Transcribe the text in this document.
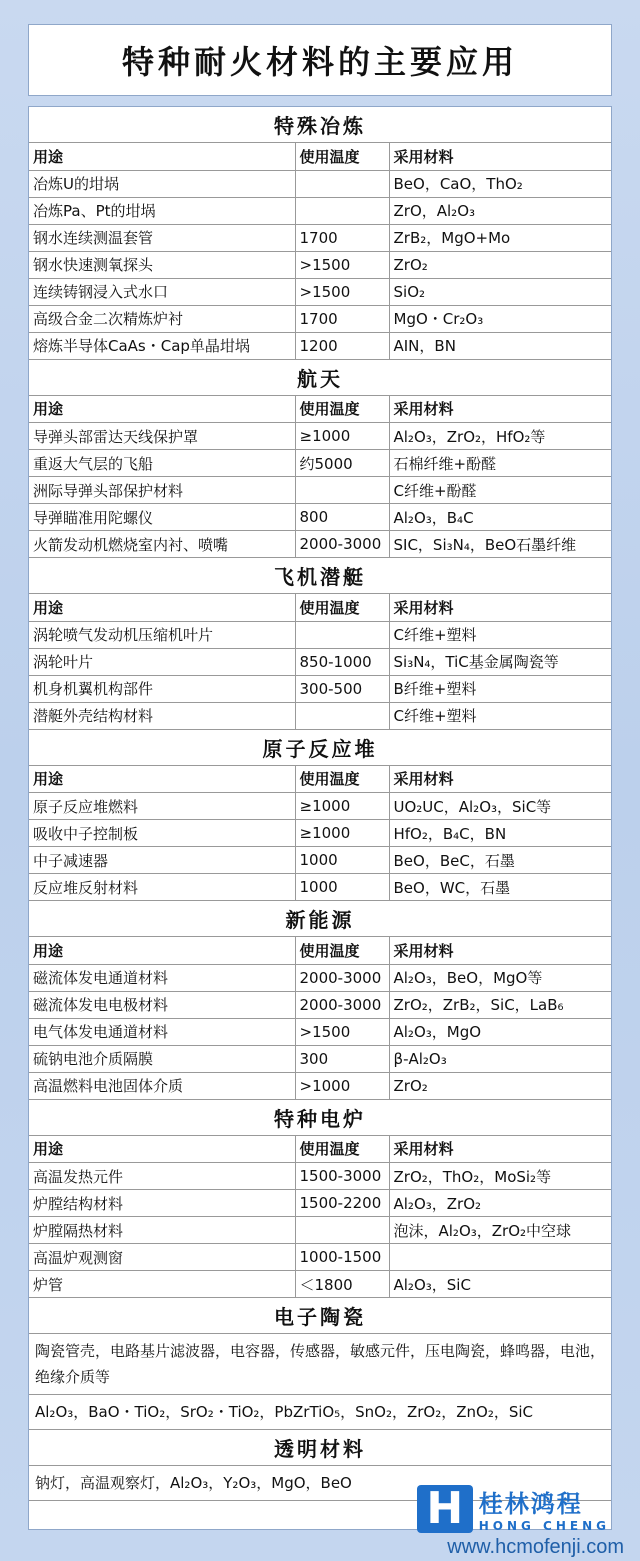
特种耐火材料的主要应用
特殊冶炼
用途	使用温度	采用材料
冶炼U的坩埚		BeO，CaO，ThO₂
冶炼Pa、Pt的坩埚		ZrO，Al₂O₃
钢水连续测温套管	1700	ZrB₂，MgO+Mo
钢水快速测氧探头	>1500	ZrO₂
连续铸钢浸入式水口	>1500	SiO₂
高级合金二次精炼炉衬	1700	MgO・Cr₂O₃
熔炼半导体CaAs・Cap单晶坩埚	1200	AIN，BN
航天
用途	使用温度	采用材料
导弹头部雷达天线保护罩	≥1000	Al₂O₃，ZrO₂，HfO₂等
重返大气层的飞船	约5000	石棉纤维+酚醛
洲际导弹头部保护材料		C纤维+酚醛
导弹瞄准用陀螺仪	800	Al₂O₃，B₄C
火箭发动机燃烧室内衬、喷嘴	2000-3000	SIC，Si₃N₄，BeO石墨纤维
飞机潜艇
用途	使用温度	采用材料
涡轮喷气发动机压缩机叶片		C纤维+塑料
涡轮叶片	850-1000	Si₃N₄，TiC基金属陶瓷等
机身机翼机构部件	300-500	B纤维+塑料
潜艇外壳结构材料		C纤维+塑料
原子反应堆
用途	使用温度	采用材料
原子反应堆燃料	≥1000	UO₂UC，Al₂O₃，SiC等
吸收中子控制板	≥1000	HfO₂，B₄C，BN
中子减速器	1000	BeO，BeC，石墨
反应堆反射材料	1000	BeO，WC，石墨
新能源
用途	使用温度	采用材料
磁流体发电通道材料	2000-3000	Al₂O₃，BeO，MgO等
磁流体发电电极材料	2000-3000	ZrO₂，ZrB₂，SiC，LaB₆
电气体发电通道材料	>1500	Al₂O₃，MgO
硫钠电池介质隔膜	300	β-Al₂O₃
高温燃料电池固体介质	>1000	ZrO₂
特种电炉
用途	使用温度	采用材料
高温发热元件	1500-3000	ZrO₂，ThO₂，MoSi₂等
炉膛结构材料	1500-2200	Al₂O₃，ZrO₂
炉膛隔热材料		泡沫，Al₂O₃，ZrO₂中空球
高温炉观测窗	1000-1500	
炉管	＜1800	Al₂O₃，SiC
电子陶瓷
陶瓷管壳，电路基片滤波器，电容器，传感器，敏感元件，压电陶瓷，蜂鸣器，电池，绝缘介质等
Al₂O₃，BaO・TiO₂，SrO₂・TiO₂，PbZrTiO₅，SnO₂，ZrO₂，ZnO₂，SiC
透明材料
钠灯，高温观察灯，Al₂O₃，Y₂O₃，MgO，BeO	H 桂林鸿程
HONG CHENG
www.hcmofenji.com
